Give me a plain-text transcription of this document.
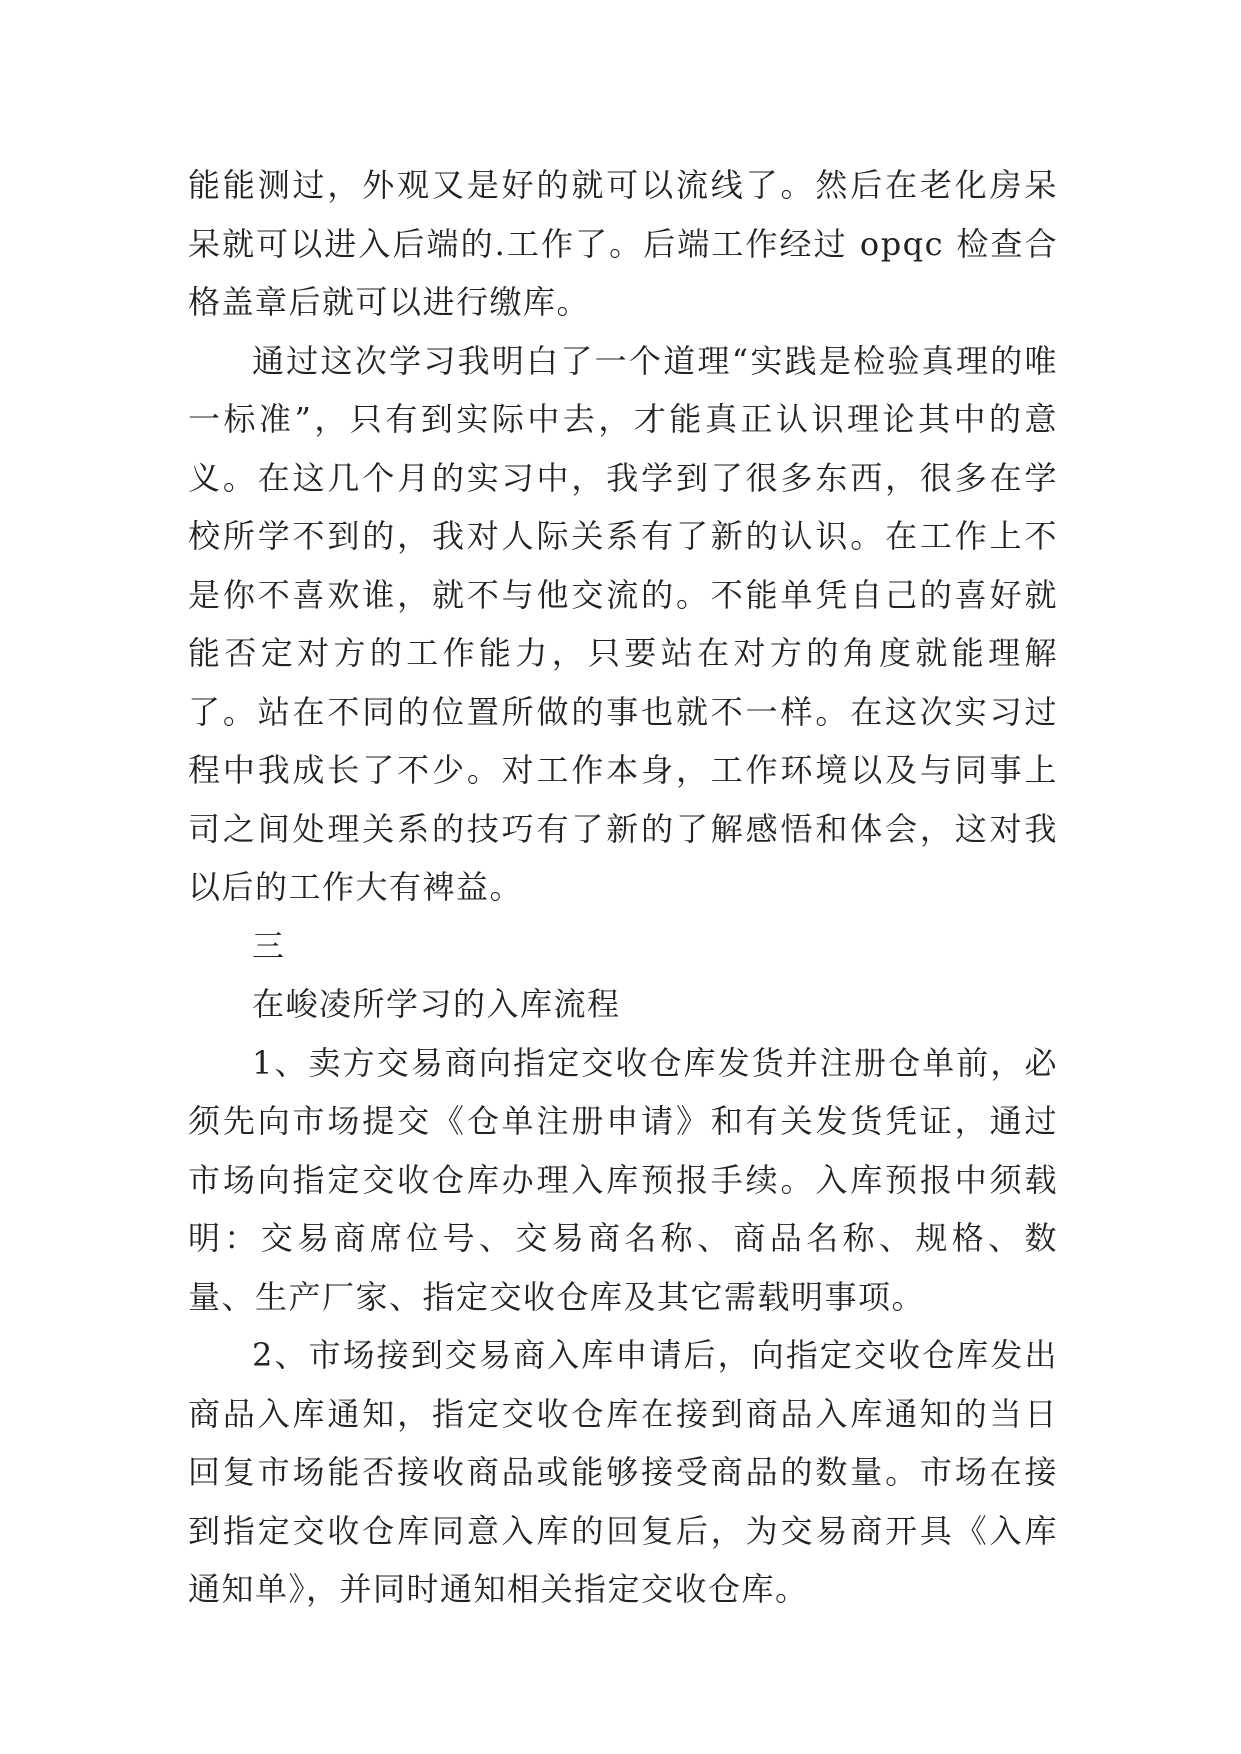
能能测过，外观又是好的就可以流线了。然后在老化房呆呆就可以进入后端的.工作了。后端工作经过 opqc 检查合格盖章后就可以进行缴库。

通过这次学习我明白了一个道理“实践是检验真理的唯一标准”，只有到实际中去，才能真正认识理论其中的意义。在这几个月的实习中，我学到了很多东西，很多在学校所学不到的，我对人际关系有了新的认识。在工作上不是你不喜欢谁，就不与他交流的。不能单凭自己的喜好就能否定对方的工作能力，只要站在对方的角度就能理解了。站在不同的位置所做的事也就不一样。在这次实习过程中我成长了不少。对工作本身，工作环境以及与同事上司之间处理关系的技巧有了新的了解感悟和体会，这对我以后的工作大有裨益。

三

在峻凌所学习的入库流程

1、卖方交易商向指定交收仓库发货并注册仓单前，必须先向市场提交《仓单注册申请》和有关发货凭证，通过市场向指定交收仓库办理入库预报手续。入库预报中须载明：交易商席位号、交易商名称、商品名称、规格、数量、生产厂家、指定交收仓库及其它需载明事项。

2、市场接到交易商入库申请后，向指定交收仓库发出商品入库通知，指定交收仓库在接到商品入库通知的当日回复市场能否接收商品或能够接受商品的数量。市场在接到指定交收仓库同意入库的回复后，为交易商开具《入库通知单》，并同时通知相关指定交收仓库。
